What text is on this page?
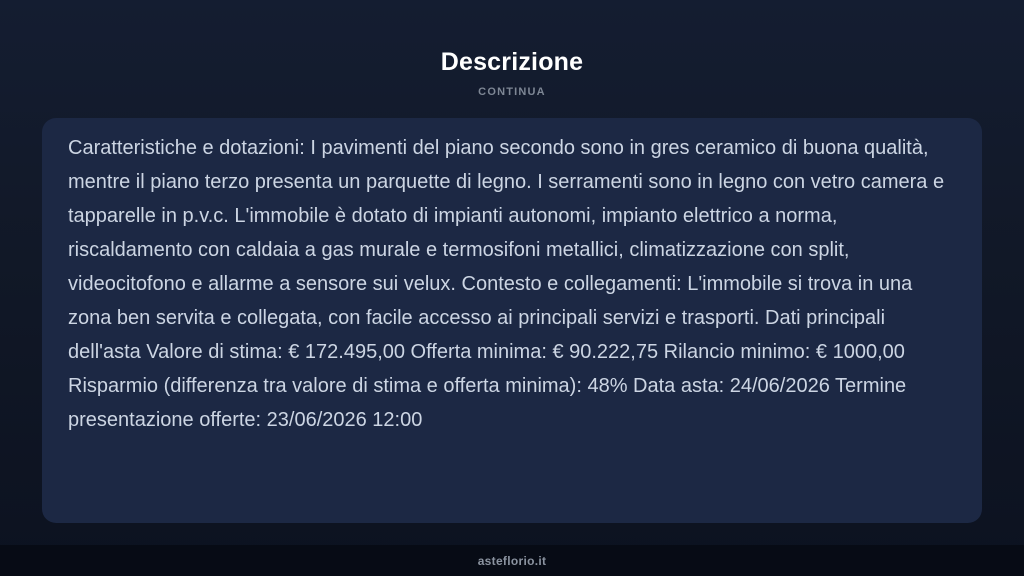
Descrizione
CONTINUA

Caratteristiche e dotazioni: I pavimenti del piano secondo sono in gres ceramico di buona qualità, mentre il piano terzo presenta un parquette di legno. I serramenti sono in legno con vetro camera e tapparelle in p.v.c. L'immobile è dotato di impianti autonomi, impianto elettrico a norma, riscaldamento con caldaia a gas murale e termosifoni metallici, climatizzazione con split, videocitofono e allarme a sensore sui velux. Contesto e collegamenti: L'immobile si trova in una zona ben servita e collegata, con facile accesso ai principali servizi e trasporti. Dati principali dell'asta Valore di stima: € 172.495,00 Offerta minima: € 90.222,75 Rilancio minimo: € 1000,00 Risparmio (differenza tra valore di stima e offerta minima): 48% Data asta: 24/06/2026 Termine presentazione offerte: 23/06/2026 12:00

asteflorio.it
